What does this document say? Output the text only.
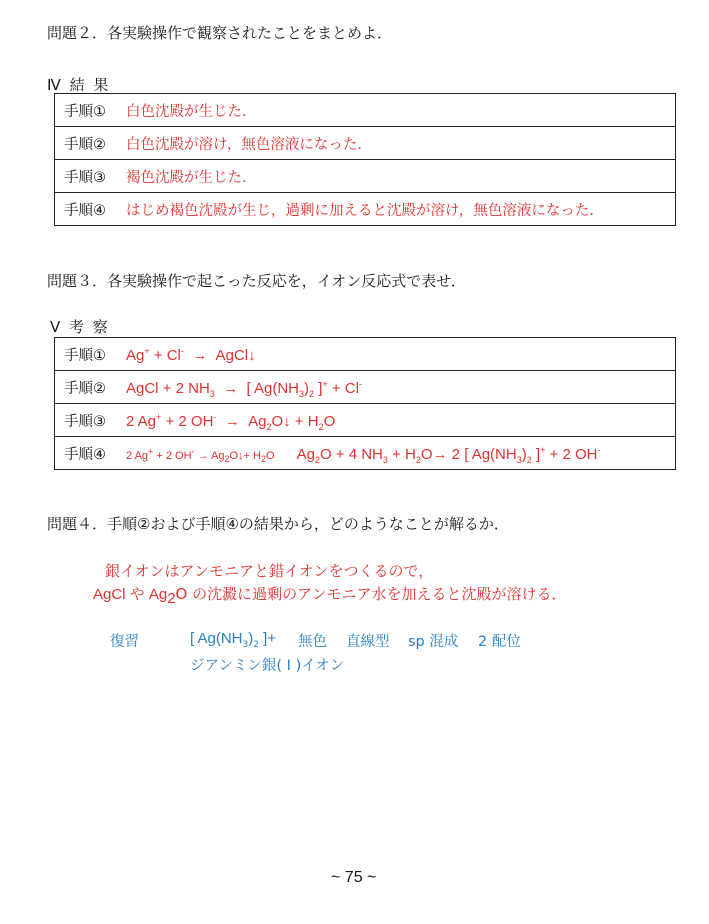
問題２．各実験操作で観察されたことをまとめよ．
Ⅳ 結 果
手順① 白色沈殿が生じた．
手順② 白色沈殿が溶け，無色溶液になった．
手順③ 褐色沈殿が生じた．
手順④ はじめ褐色沈殿が生じ，過剰に加えると沈殿が溶け，無色溶液になった．
問題３．各実験操作で起こった反応を，イオン反応式で表せ．
Ⅴ 考 察
手順① Ag+ + Cl-  →  AgCl↓
手順② AgCl + 2 $NH_3$  →  [ $Ag(NH_3)_2$ ]+ + Cl-
手順③ 2 Ag+ + 2 $OH^- \to Ag_2O↓ + H_2O$
手順④ 2 Ag+ + 2 $OH^- \to Ag_2O↓+ H_2O$ $Ag_2O + 4$ $NH_3 + H_2O\to 2$ [ $Ag(NH_3)_2$ ]+ + 2 OH-
問題４．手順②および手順④の結果から，どのようなことが解るか．
銀イオンはアンモニアと錯イオンをつくるので，
AgCl や $Ag_2O$ の沈澱に過剰のアンモニア水を加えると沈殿が溶ける．
復習	[ $Ag(NH_3)_2$ ]+ 無色 直線型 sp 混成 2 配位
ジアンミン銀( I )イオン
~ 75 ~
